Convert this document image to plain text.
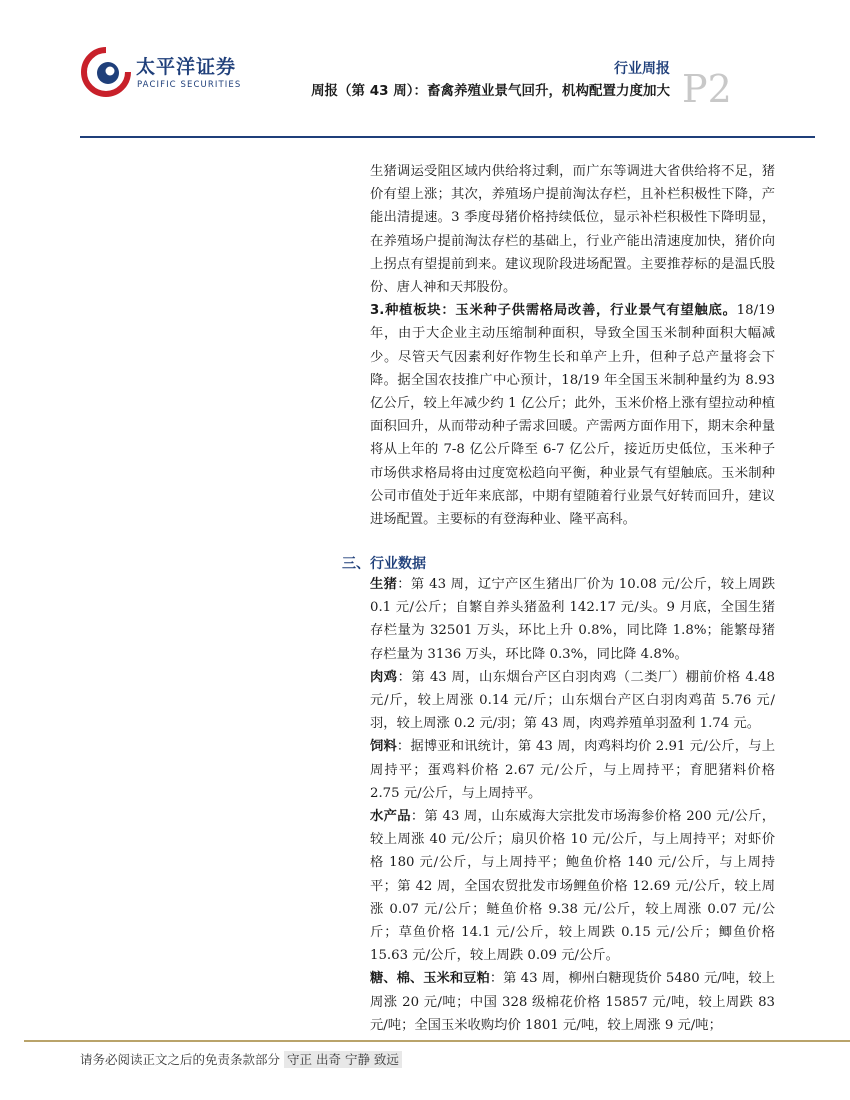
太平洋证券
PACIFIC SECURITIES
行业周报
周报（第 43 周）：畜禽养殖业景气回升，机构配置力度加大 P2

生猪调运受阻区域内供给将过剩，而广东等调进大省供给将不足，猪价有望上涨；其次，养殖场户提前淘汰存栏，且补栏积极性下降，产能出清提速。3 季度母猪价格持续低位，显示补栏积极性下降明显，在养殖场户提前淘汰存栏的基础上，行业产能出清速度加快，猪价向上拐点有望提前到来。建议现阶段进场配置。主要推荐标的是温氏股份、唐人神和天邦股份。

3.种植板块：玉米种子供需格局改善，行业景气有望触底。18/19 年，由于大企业主动压缩制种面积，导致全国玉米制种面积大幅减少。尽管天气因素利好作物生长和单产上升，但种子总产量将会下降。据全国农技推广中心预计，18/19 年全国玉米制种量约为 8.93 亿公斤，较上年减少约 1 亿公斤；此外，玉米价格上涨有望拉动种植面积回升，从而带动种子需求回暖。产需两方面作用下，期末余种量将从上年的 7-8 亿公斤降至 6-7 亿公斤，接近历史低位，玉米种子市场供求格局将由过度宽松趋向平衡，种业景气有望触底。玉米制种公司市值处于近年来底部，中期有望随着行业景气好转而回升，建议进场配置。主要标的有登海种业、隆平高科。

三、行业数据

生猪：第 43 周，辽宁产区生猪出厂价为 10.08 元/公斤，较上周跌 0.1 元/公斤；自繁自养头猪盈利 142.17 元/头。9 月底，全国生猪存栏量为 32501 万头，环比上升 0.8%，同比降 1.8%；能繁母猪存栏量为 3136 万头，环比降 0.3%，同比降 4.8%。

肉鸡：第 43 周，山东烟台产区白羽肉鸡（二类厂）棚前价格 4.48 元/斤，较上周涨 0.14 元/斤；山东烟台产区白羽肉鸡苗 5.76 元/羽，较上周涨 0.2 元/羽；第 43 周，肉鸡养殖单羽盈利 1.74 元。

饲料：据博亚和讯统计，第 43 周，肉鸡料均价 2.91 元/公斤，与上周持平；蛋鸡料价格 2.67 元/公斤，与上周持平；育肥猪料价格 2.75 元/公斤，与上周持平。

水产品：第 43 周，山东威海大宗批发市场海参价格 200 元/公斤，较上周涨 40 元/公斤；扇贝价格 10 元/公斤，与上周持平；对虾价格 180 元/公斤，与上周持平；鲍鱼价格 140 元/公斤，与上周持平；第 42 周，全国农贸批发市场鲤鱼价格 12.69 元/公斤，较上周涨 0.07 元/公斤；鲢鱼价格 9.38 元/公斤，较上周涨 0.07 元/公斤；草鱼价格 14.1 元/公斤，较上周跌 0.15 元/公斤；鲫鱼价格 15.63 元/公斤，较上周跌 0.09 元/公斤。

糖、棉、玉米和豆粕：第 43 周，柳州白糖现货价 5480 元/吨，较上周涨 20 元/吨；中国 328 级棉花价格 15857 元/吨，较上周跌 83 元/吨；全国玉米收购均价 1801 元/吨，较上周涨 9 元/吨；

请务必阅读正文之后的免责条款部分 守正 出奇 宁静 致远
